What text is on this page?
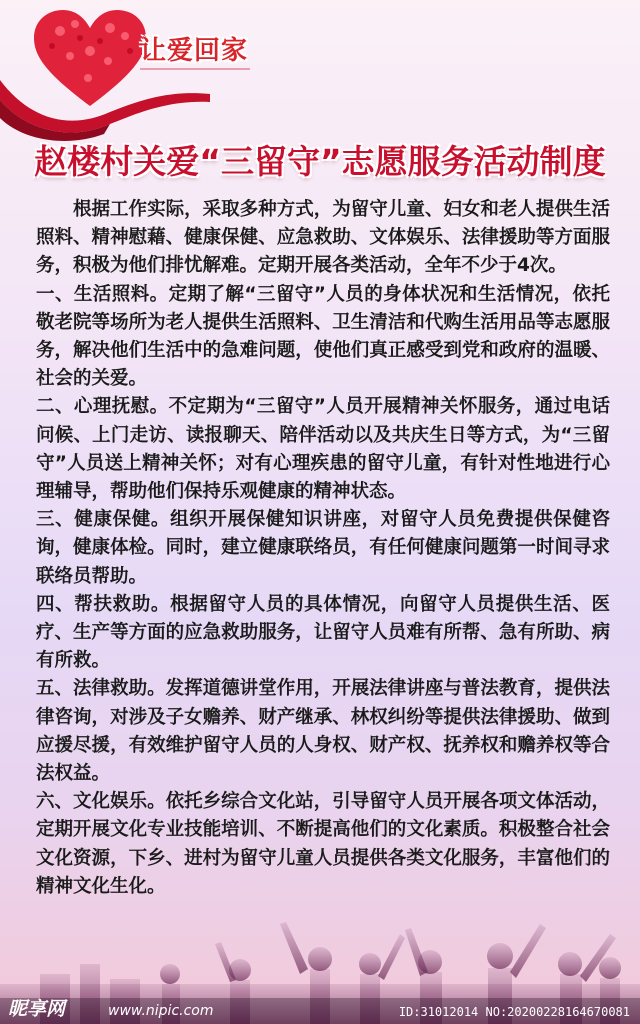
让爱回家
赵楼村关爱“三留守”志愿服务活动制度

根据工作实际，采取多种方式，为留守儿童、妇女和老人提供生活照料、精神慰藉、健康保健、应急救助、文体娱乐、法律援助等方面服务，积极为他们排忧解难。定期开展各类活动，全年不少于4次。

一、生活照料。定期了解“三留守”人员的身体状况和生活情况，依托敬老院等场所为老人提供生活照料、卫生清洁和代购生活用品等志愿服务，解决他们生活中的急难问题，使他们真正感受到党和政府的温暖、社会的关爱。

二、心理抚慰。不定期为“三留守”人员开展精神关怀服务，通过电话问候、上门走访、读报聊天、陪伴活动以及共庆生日等方式，为“三留守”人员送上精神关怀；对有心理疾患的留守儿童，有针对性地进行心理辅导，帮助他们保持乐观健康的精神状态。

三、健康保健。组织开展保健知识讲座，对留守人员免费提供保健咨询，健康体检。同时，建立健康联络员，有任何健康问题第一时间寻求联络员帮助。

四、帮扶救助。根据留守人员的具体情况，向留守人员提供生活、医疗、生产等方面的应急救助服务，让留守人员难有所帮、急有所助、病有所救。

五、法律救助。发挥道德讲堂作用，开展法律讲座与普法教育，提供法律咨询，对涉及子女赡养、财产继承、林权纠纷等提供法律援助、做到应援尽援，有效维护留守人员的人身权、财产权、抚养权和赡养权等合法权益。

六、文化娱乐。依托乡综合文化站，引导留守人员开展各项文体活动，定期开展文化专业技能培训、不断提高他们的文化素质。积极整合社会文化资源，下乡、进村为留守儿童人员提供各类文化服务，丰富他们的精神文化生化。

昵享网	www.nipic.com	ID:31012014 NO:20200228164670081
